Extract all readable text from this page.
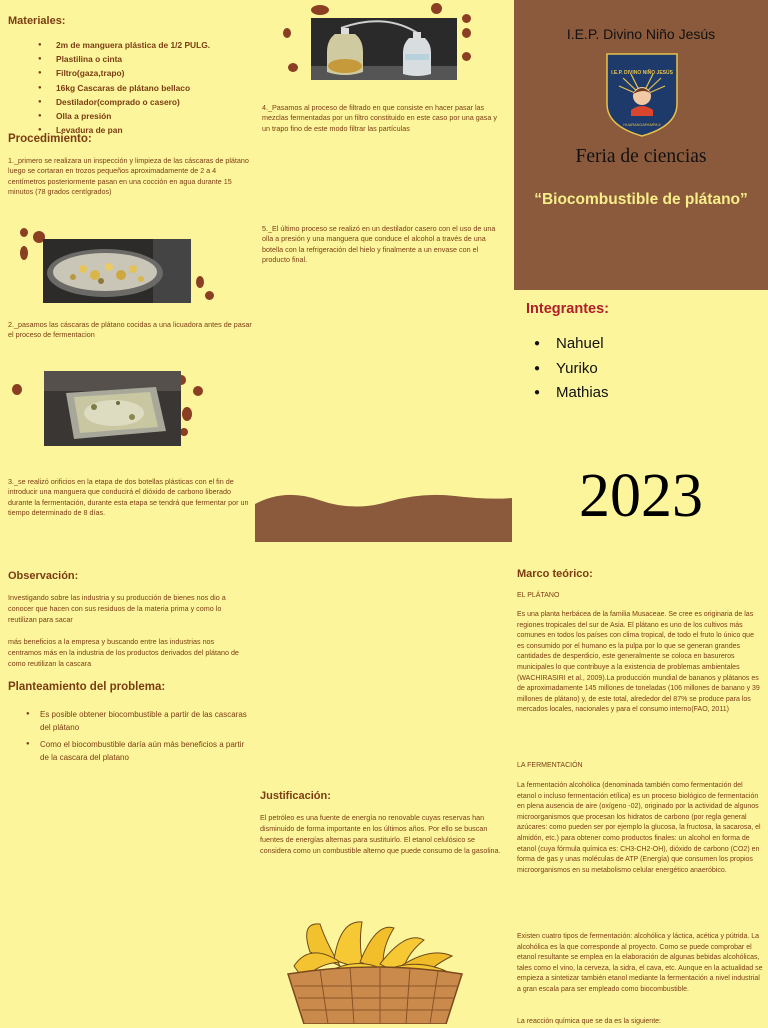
Materiales:
● 2m de manguera plástica de 1/2 PULG.
● Plastilina o cinta
● Filtro(gaza,trapo)
● 16kg Cascaras de plátano bellaco
● Destilador(comprado o casero)
● Olla a presión
● Levadura de pan
Procedimiento:
1._primero se realizara un inspección y limpieza de las cáscaras de plátano luego se cortaran en trozos pequeños aproximadamente de 2 a 4 centímetros posteriormente pasan en una cocción en agua durante 15 minutos (78 grados centígrados)
2._pasamos las cáscaras de plátano cocidas a una licuadora antes de pasar el proceso de fermentacion
3._se realizó orificios en la etapa de dos botellas plásticas con el fin de introducir una manguera que conducirá el dióxido de carbono liberado durante la fermentación, durante esta etapa se tendrá que fermentar por un tiempo determinado de 8 días.
4._Pasamos al proceso de filtrado en que consiste en hacer pasar las mezclas fermentadas por un filtro constituido en este caso por una gasa y un trapo fino de este modo filtrar las partículas
5._El último proceso se realizó en un destilador casero con el uso de una olla a presión y una manguera que conduce el alcohol a través de una botella con la refrigeración del hielo y finalmente a un envase con el producto final.
I.E.P. Divino Niño Jesús
I.E.P. DIVINO NIÑO JESÚS
HUARANGAPAMPA II
Feria de ciencias
“Biocombustible de plátano”
Integrantes:
● Nahuel
● Yuriko
● Mathias
2023
Observación:
Investigando sobre las industria y su producción de bienes nos dio a conocer que hacen con sus residuos de la materia prima y como lo reutilizan para sacar
más beneficios a la empresa y buscando entre las industrias nos centramos más en la industria de los productos derivados del plátano de como reutilizan la cascara
Planteamiento del problema:
● Es posible obtener biocombustible a partir de las cascaras del plátano
● Como el biocombustible daría aún más beneficios a partir de la cascara del platano
Justificación:
El petróleo es una fuente de energía no renovable cuyas reservas han disminuido de forma importante en los últimos años. Por ello se buscan fuentes de energías alternas para sustituirlo. El etanol celulósico se considera como un combustible alterno que puede consumo de la gasolina.
Marco teórico:
EL PLÁTANO
Es una planta herbácea de la familia Musaceae. Se cree es originaria de las regiones tropicales del sur de Asia. El plátano es uno de los cultivos más comunes en todos los países con clima tropical, de todo el fruto lo único que es consumido por el humano es la pulpa por lo que se generan grandes cantidades de desperdicio, este generalmente se coloca en basureros municipales lo que contribuye a la existencia de problemas ambientales (WACHIRASIRI et al., 2009).La producción mundial de bananos y plátanos es de aproximadamente 145 millones de toneladas (106 millones de banano y 39 millones de plátano) y, de este total, alrededor del 87% se produce para los mercados locales, nacionales y para el consumo interno(FAO, 2011)
LA FERMENTACIÓN
La fermentación alcohólica (denominada también como fermentación del etanol o incluso fermentación etílica) es un proceso biológico de fermentación en plena ausencia de aire (oxígeno -02), originado por la actividad de algunos microorganismos que procesan los hidratos de carbono (por regla general azúcares: como pueden ser por ejemplo la glucosa, la fructosa, la sacarosa, el almidón, etc.) para obtener como productos finales: un alcohol en forma de etanol (cuya fórmula química es: CH3-CH2-OH), dióxido de carbono (CO2) en forma de gas y unas moléculas de ATP (Energía) que consumen los propios microorganismos en su metabolismo celular energético anaeróbico.
Existen cuatro tipos de fermentación: alcohólica y láctica, acética y pútrida. La alcohólica es la que corresponde al proyecto. Como se puede comprobar el etanol resultante se emplea en la elaboración de algunas bebidas alcohólicas, tales como el vino, la cerveza, la sidra, el cava, etc. Aunque en la actualidad se empieza a sintetizar también etanol mediante la fermentación a nivel industrial a gran escala para ser empleado como biocombustible.
La reacción química que se da es la siguiente:
